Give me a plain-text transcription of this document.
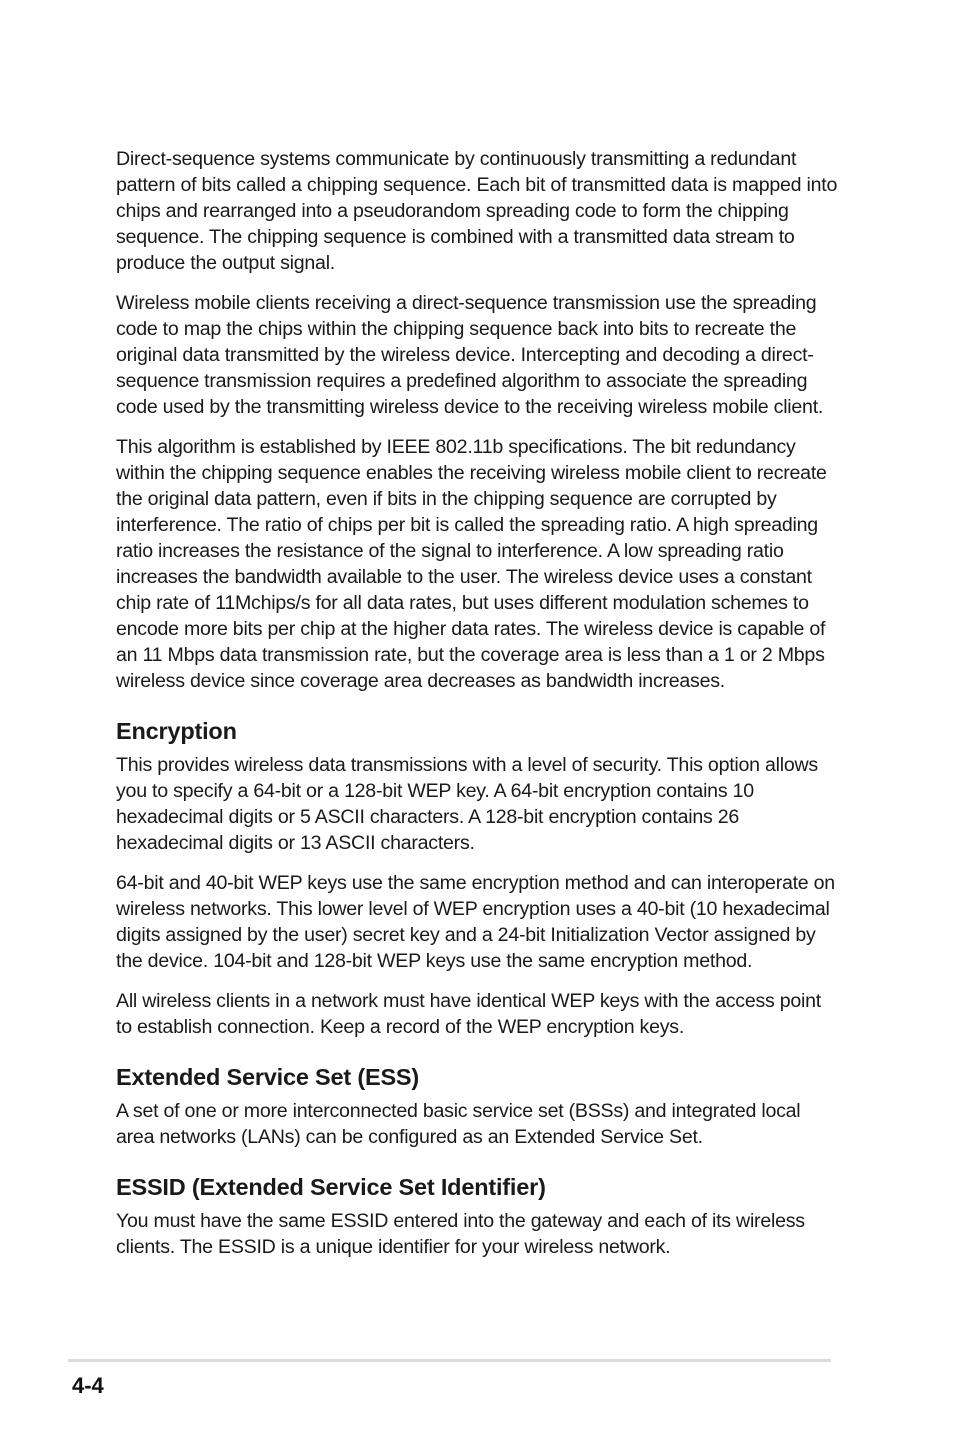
Direct-sequence systems communicate by continuously transmitting a redundant pattern of bits called a chipping sequence. Each bit of transmitted data is mapped into chips and rearranged into a pseudorandom spreading code to form the chipping sequence. The chipping sequence is combined with a transmitted data stream to produce the output signal.

Wireless mobile clients receiving a direct-sequence transmission use the spreading code to map the chips within the chipping sequence back into bits to recreate the original data transmitted by the wireless device. Intercepting and decoding a direct-sequence transmission requires a predefined algorithm to associate the spreading code used by the transmitting wireless device to the receiving wireless mobile client.

This algorithm is established by IEEE 802.11b specifications. The bit redundancy within the chipping sequence enables the receiving wireless mobile client to recreate the original data pattern, even if bits in the chipping sequence are corrupted by interference. The ratio of chips per bit is called the spreading ratio. A high spreading ratio increases the resistance of the signal to interference. A low spreading ratio increases the bandwidth available to the user. The wireless device uses a constant chip rate of 11Mchips/s for all data rates, but uses different modulation schemes to encode more bits per chip at the higher data rates. The wireless device is capable of an 11 Mbps data transmission rate, but the coverage area is less than a 1 or 2 Mbps wireless device since coverage area decreases as bandwidth increases.

Encryption

This provides wireless data transmissions with a level of security. This option allows you to specify a 64-bit or a 128-bit WEP key. A 64-bit encryption contains 10 hexadecimal digits or 5 ASCII characters. A 128-bit encryption contains 26 hexadecimal digits or 13 ASCII characters.

64-bit and 40-bit WEP keys use the same encryption method and can interoperate on wireless networks. This lower level of WEP encryption uses a 40-bit (10 hexadecimal digits assigned by the user) secret key and a 24-bit Initialization Vector assigned by the device. 104-bit and 128-bit WEP keys use the same encryption method.

All wireless clients in a network must have identical WEP keys with the access point to establish connection. Keep a record of the WEP encryption keys.

Extended Service Set (ESS)

A set of one or more interconnected basic service set (BSSs) and integrated local area networks (LANs) can be configured as an Extended Service Set.

ESSID (Extended Service Set Identifier)

You must have the same ESSID entered into the gateway and each of its wireless clients. The ESSID is a unique identifier for your wireless network.

4-4
